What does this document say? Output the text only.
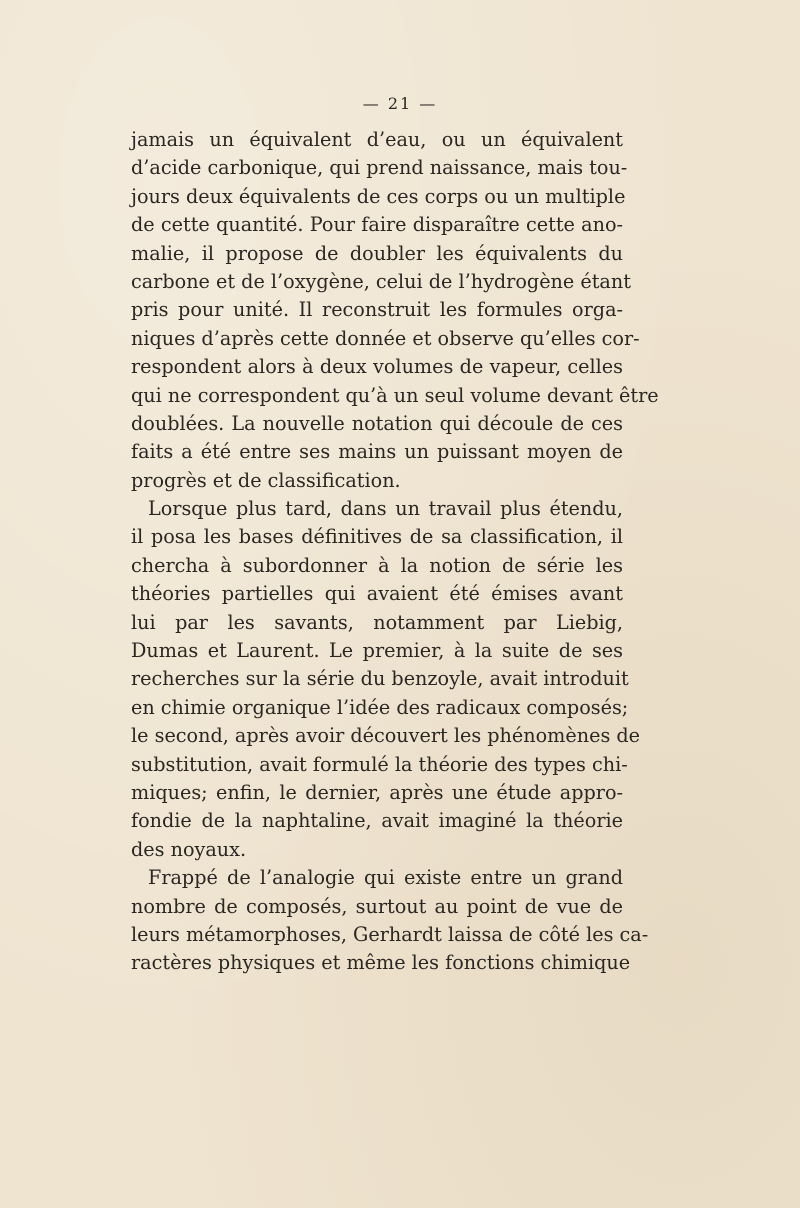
— 21 —
jamais un équivalent d’eau, ou un équivalent
d’acide carbonique, qui prend naissance, mais tou-
jours deux équivalents de ces corps ou un multiple
de cette quantité. Pour faire disparaître cette ano-
malie, il propose de doubler les équivalents du
carbone et de l’oxygène, celui de l’hydrogène étant
pris pour unité. Il reconstruit les formules orga-
niques d’après cette donnée et observe qu’elles cor-
respondent alors à deux volumes de vapeur, celles
qui ne correspondent qu’à un seul volume devant être
doublées. La nouvelle notation qui découle de ces
faits a été entre ses mains un puissant moyen de
progrès et de classification.
Lorsque plus tard, dans un travail plus étendu,
il posa les bases définitives de sa classification, il
chercha à subordonner à la notion de série les
théories partielles qui avaient été émises avant
lui par les savants, notamment par Liebig,
Dumas et Laurent. Le premier, à la suite de ses
recherches sur la série du benzoyle, avait introduit
en chimie organique l’idée des radicaux composés;
le second, après avoir découvert les phénomènes de
substitution, avait formulé la théorie des types chi-
miques; enfin, le dernier, après une étude appro-
fondie de la naphtaline, avait imaginé la théorie
des noyaux.
Frappé de l’analogie qui existe entre un grand
nombre de composés, surtout au point de vue de
leurs métamorphoses, Gerhardt laissa de côté les ca-
ractères physiques et même les fonctions chimique
